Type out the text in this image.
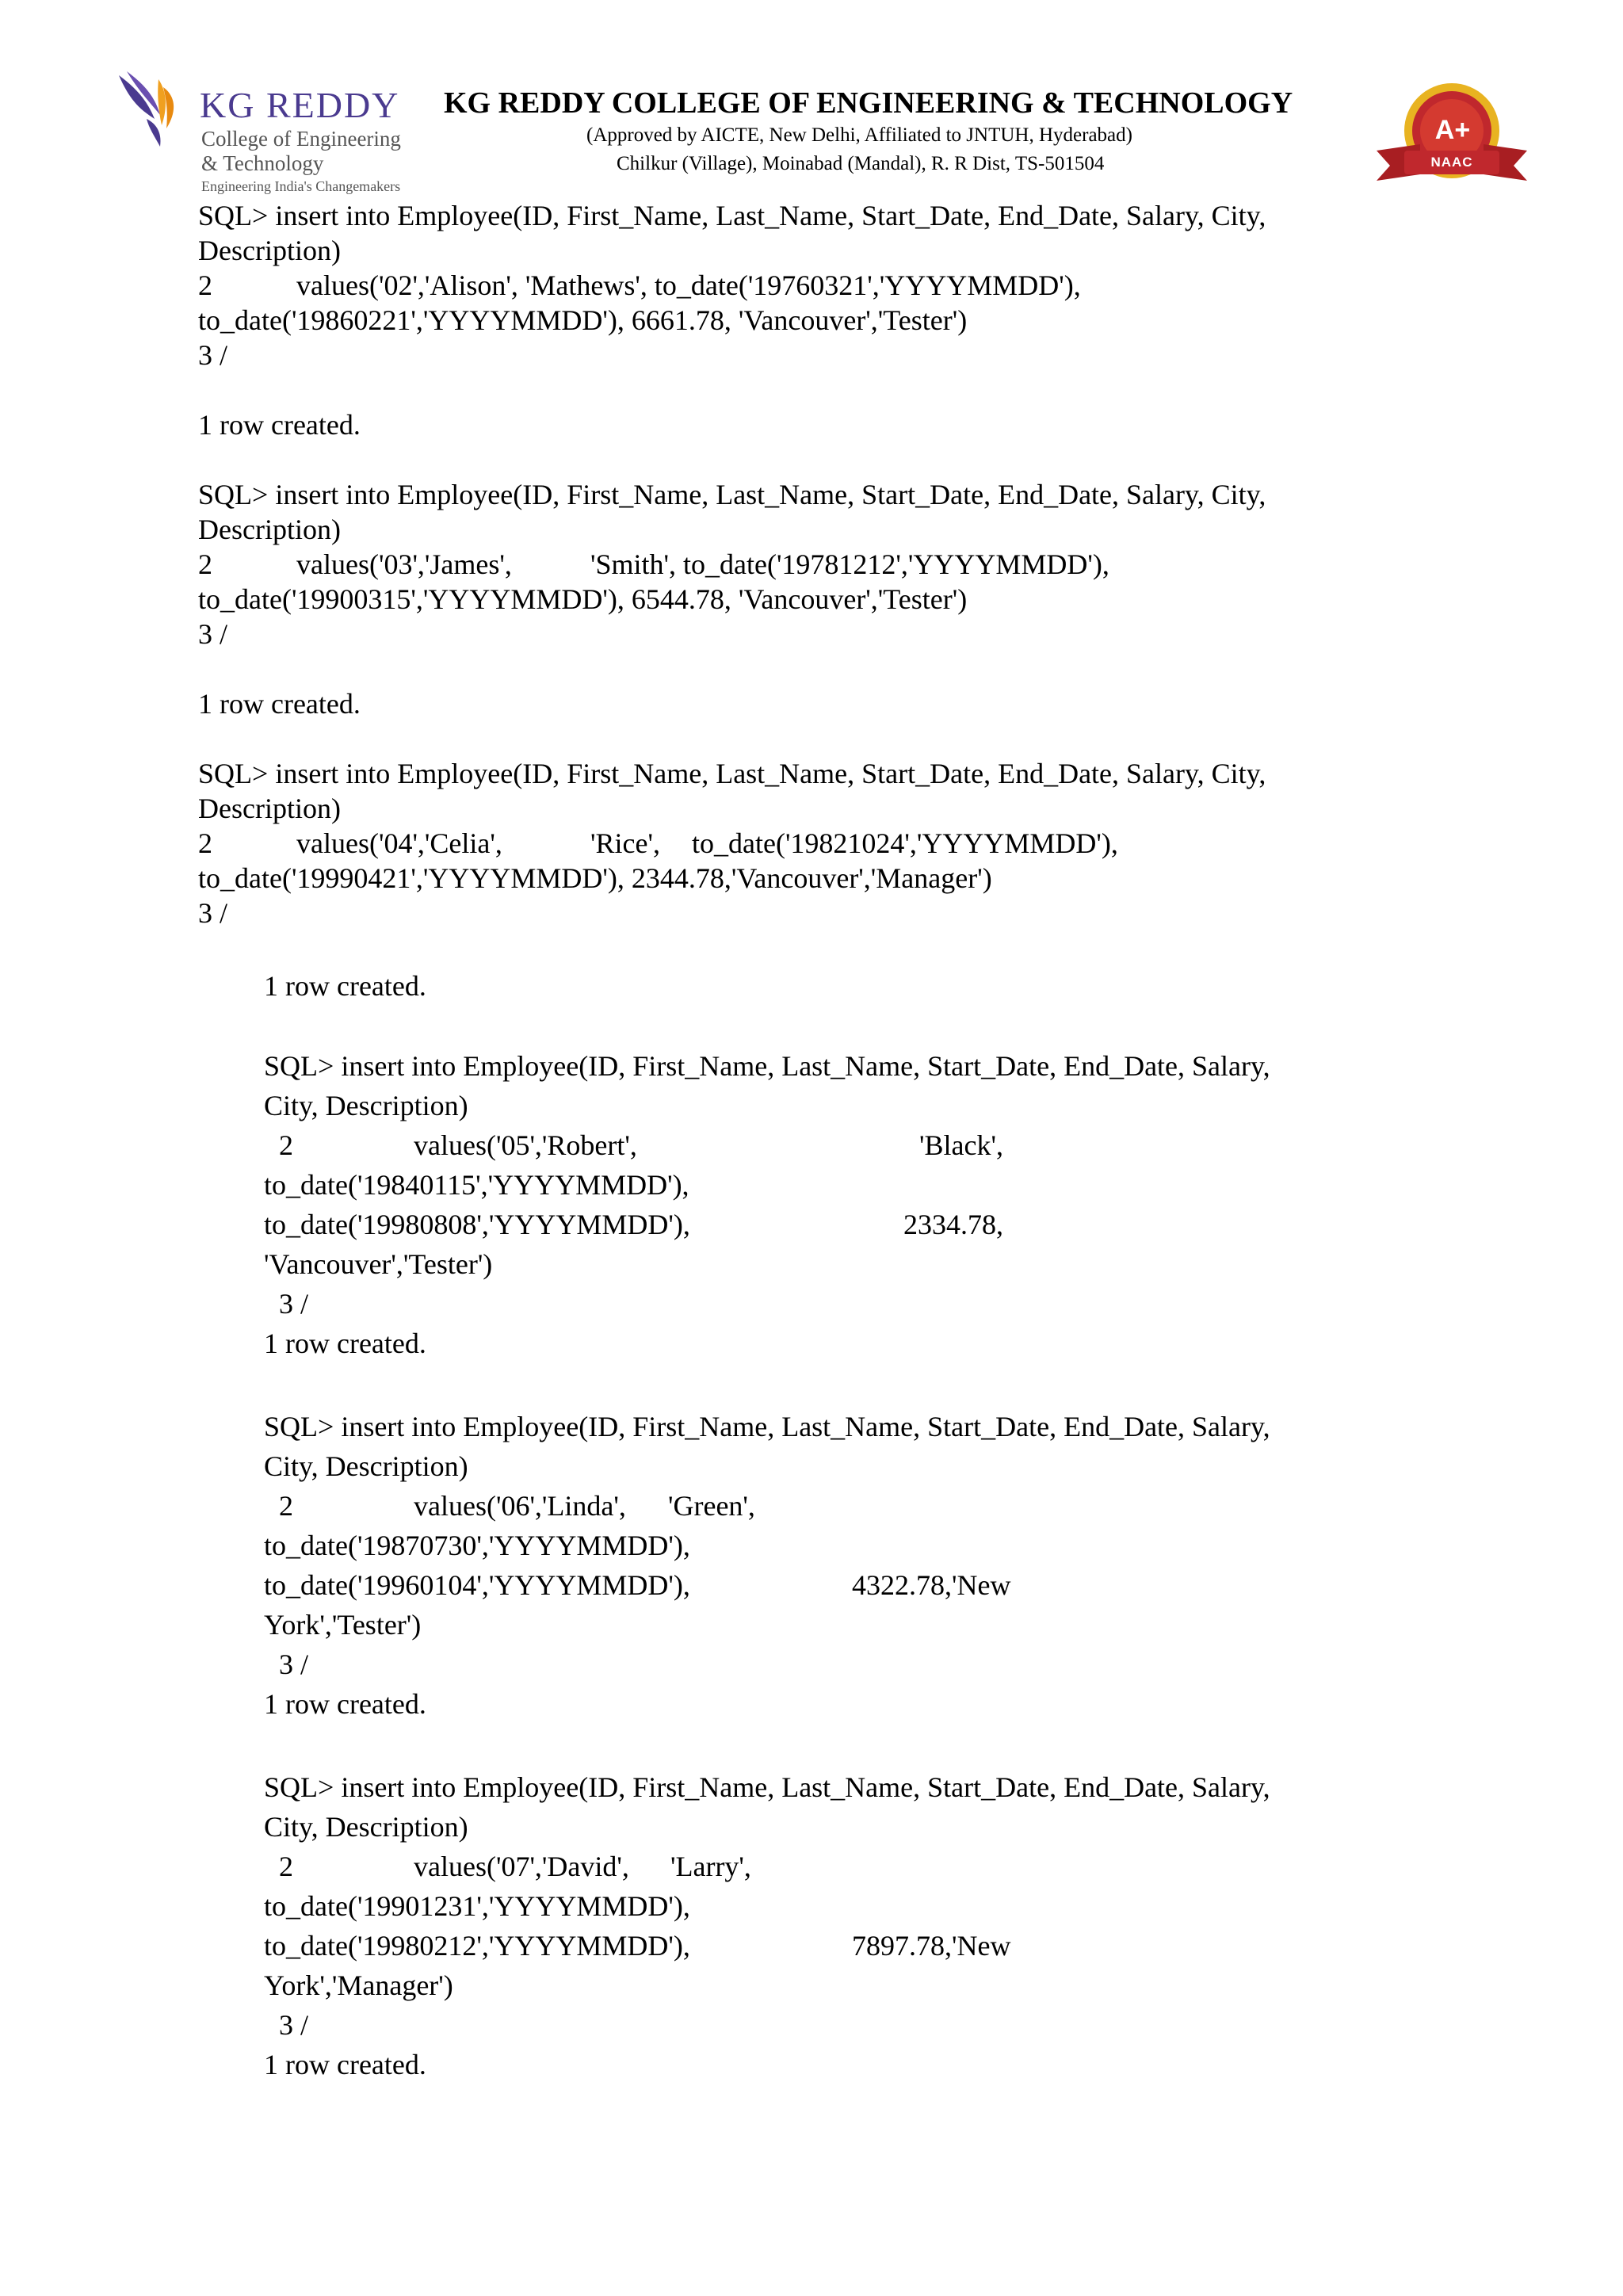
KG REDDY
College of Engineering
& Technology
Engineering India's Changemakers
KG REDDY COLLEGE OF ENGINEERING & TECHNOLOGY
(Approved by AICTE, New Delhi, Affiliated to JNTUH, Hyderabad)
Chilkur (Village), Moinabad (Mandal), R. R Dist, TS-501504
A+
NAAC
SQL> insert into Employee(ID, First_Name, Last_Name, Start_Date, End_Date, Salary, City,
Description)
2	values('02','Alison', 'Mathews', to_date('19760321','YYYYMMDD'),
to_date('19860221','YYYYMMDD'), 6661.78, 'Vancouver','Tester')
3 /
1 row created.
SQL> insert into Employee(ID, First_Name, Last_Name, Start_Date, End_Date, Salary, City,
Description)
2	values('03','James',	'Smith', to_date('19781212','YYYYMMDD'),
to_date('19900315','YYYYMMDD'), 6544.78, 'Vancouver','Tester')
3 /
1 row created.
SQL> insert into Employee(ID, First_Name, Last_Name, Start_Date, End_Date, Salary, City,
Description)
2	values('04','Celia',	'Rice', to_date('19821024','YYYYMMDD'),
to_date('19990421','YYYYMMDD'), 2344.78,'Vancouver','Manager')
3 /
1 row created.
SQL> insert into Employee(ID, First_Name, Last_Name, Start_Date, End_Date, Salary,
City, Description)
2	values('05','Robert',	'Black',
to_date('19840115','YYYYMMDD'),
to_date('19980808','YYYYMMDD'),	2334.78,
'Vancouver','Tester')
3 /
1 row created.
SQL> insert into Employee(ID, First_Name, Last_Name, Start_Date, End_Date, Salary,
City, Description)
2	values('06','Linda', 'Green',
to_date('19870730','YYYYMMDD'),
to_date('19960104','YYYYMMDD'),	4322.78,'New
York','Tester')
3 /
1 row created.
SQL> insert into Employee(ID, First_Name, Last_Name, Start_Date, End_Date, Salary,
City, Description)
2	values('07','David', 'Larry',
to_date('19901231','YYYYMMDD'),
to_date('19980212','YYYYMMDD'),	7897.78,'New
York','Manager')
3 /
1 row created.
